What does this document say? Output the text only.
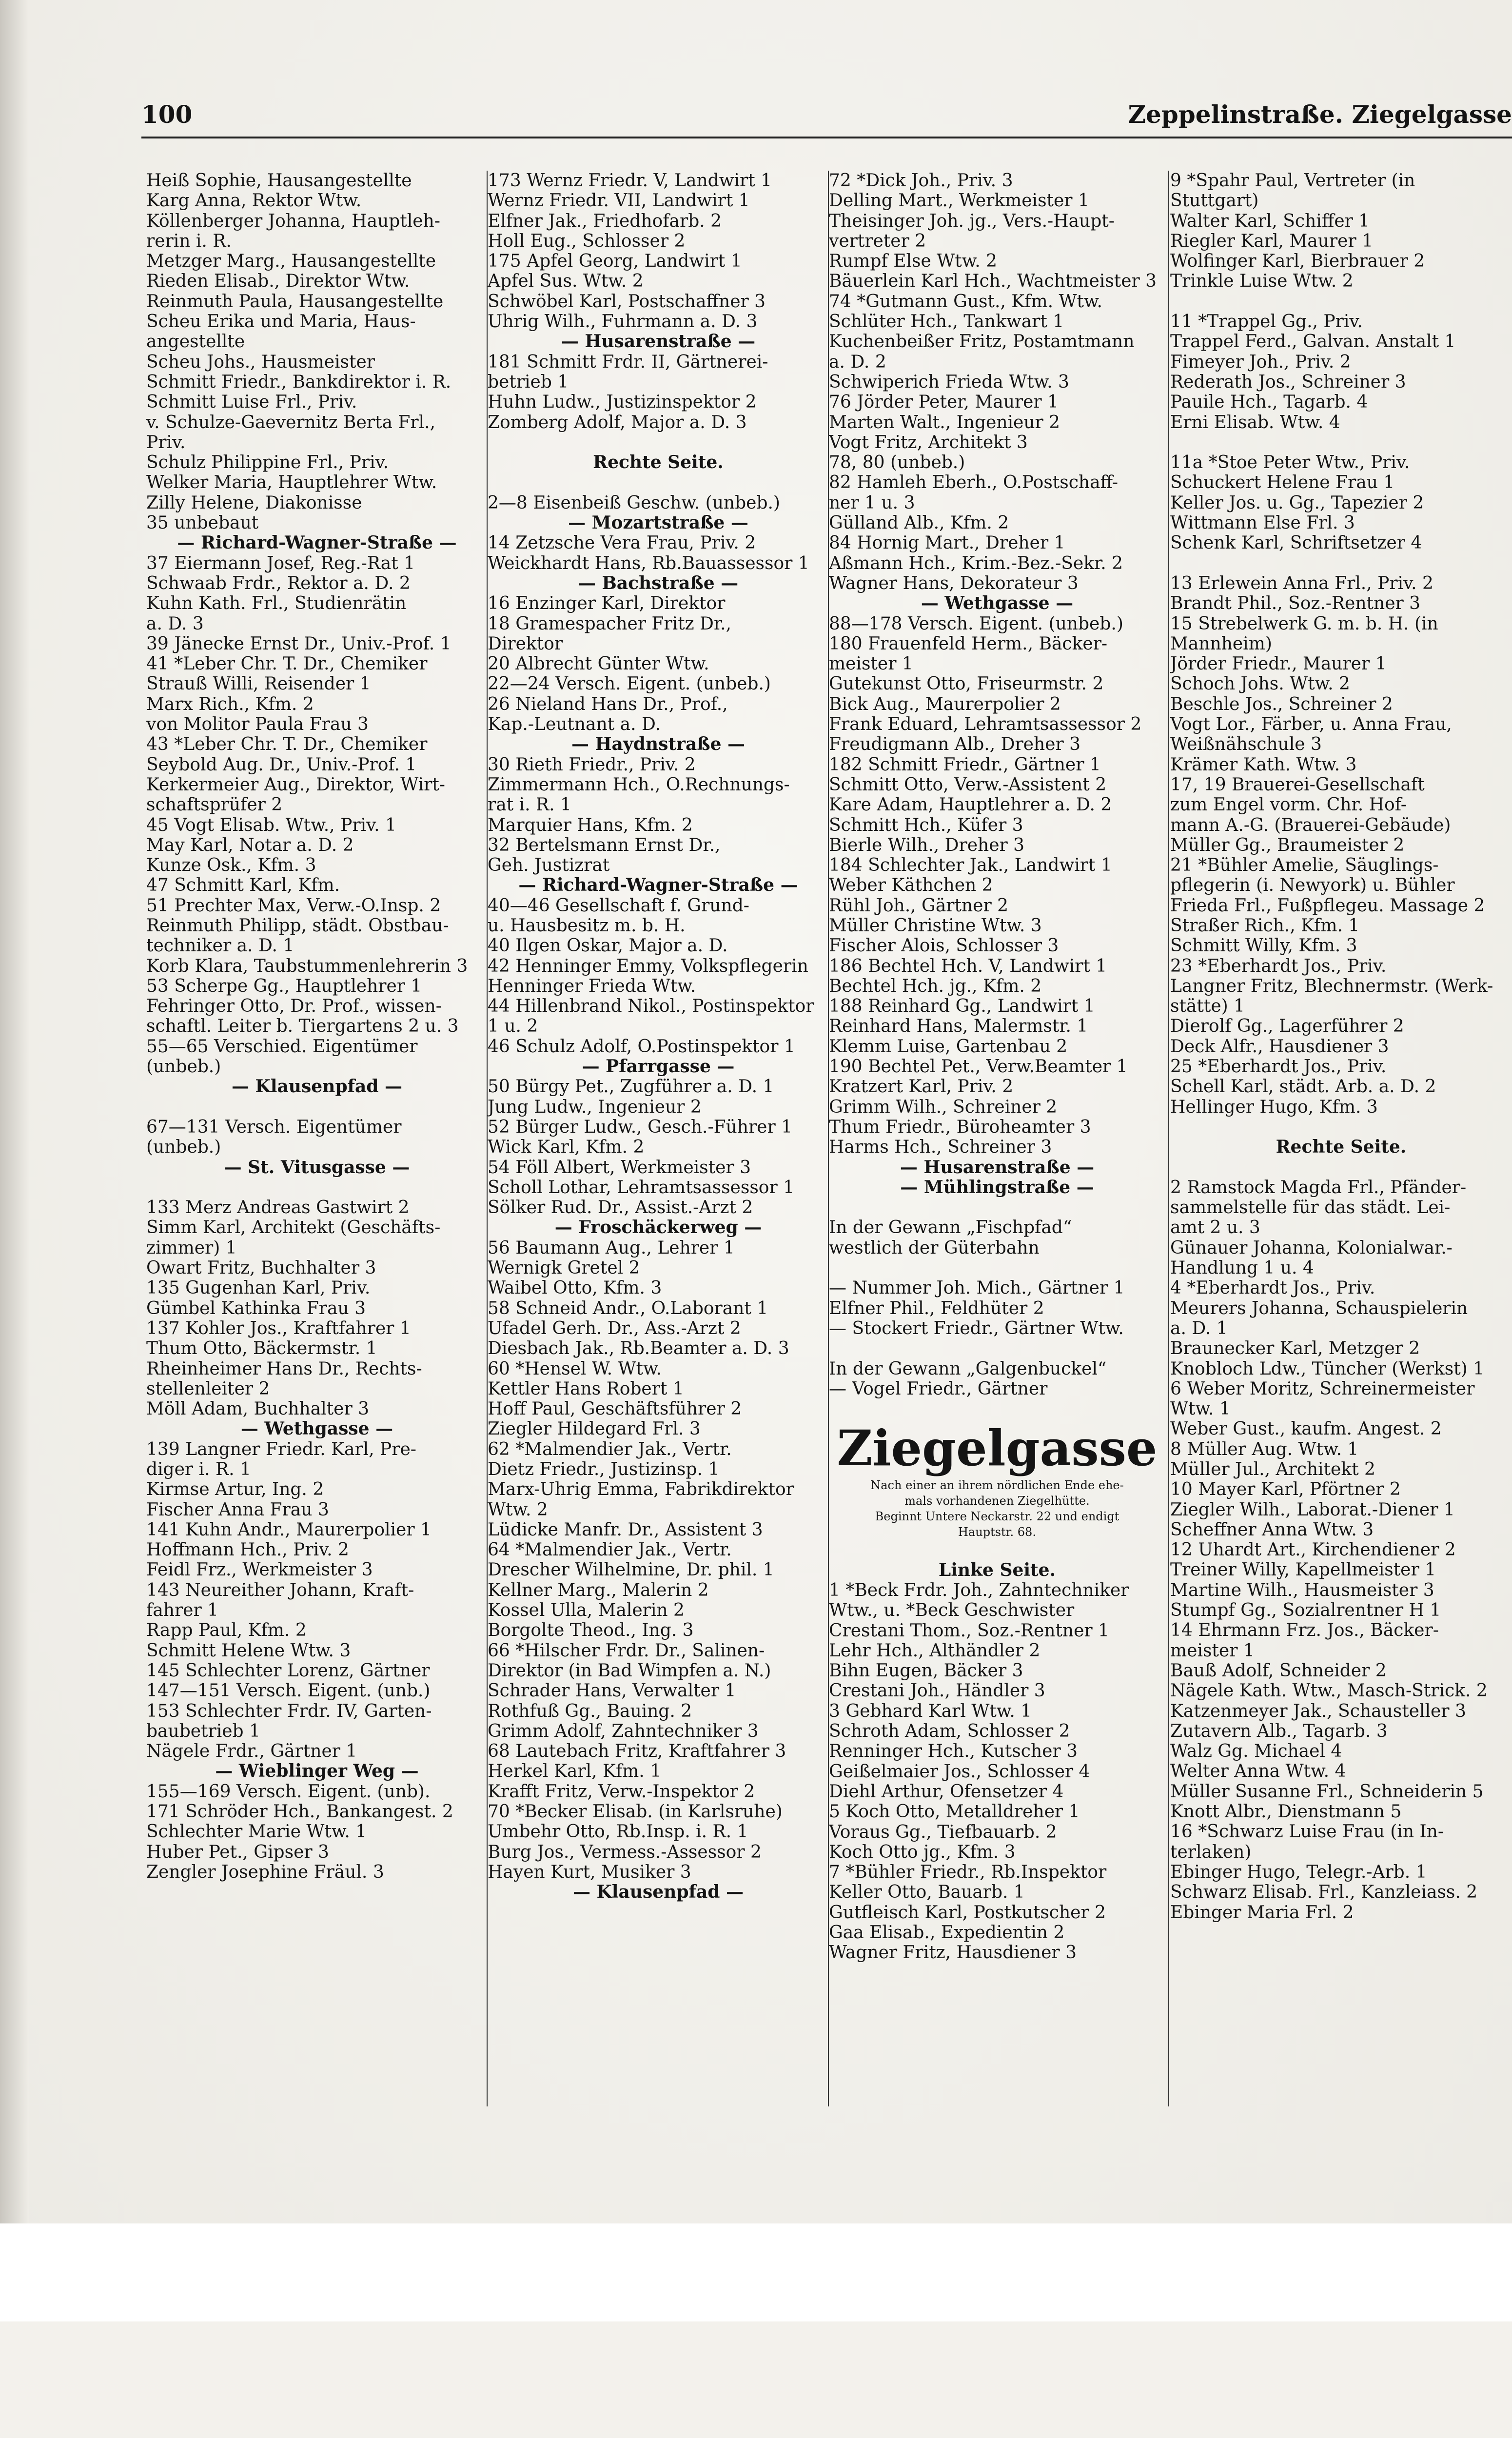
100	Zeppelinstraße. Ziegelgasse
Heiß Sophie, Hausangestellte
Karg Anna, Rektor Wtw.
Köllenberger Johanna, Hauptleh-
rerin i. R.
Metzger Marg., Hausangestellte
Rieden Elisab., Direktor Wtw.
Reinmuth Paula, Hausangestellte
Scheu Erika und Maria, Haus-
angestellte
Scheu Johs., Hausmeister
Schmitt Friedr., Bankdirektor i. R.
Schmitt Luise Frl., Priv.
v. Schulze-Gaevernitz Berta Frl.,
Priv.
Schulz Philippine Frl., Priv.
Welker Maria, Hauptlehrer Wtw.
Zilly Helene, Diakonisse
35 unbebaut
— Richard-Wagner-Straße —
37 Eiermann Josef, Reg.-Rat 1
Schwaab Frdr., Rektor a. D. 2
Kuhn Kath. Frl., Studienrätin
a. D. 3
39 Jänecke Ernst Dr., Univ.-Prof. 1
41 *Leber Chr. T. Dr., Chemiker
Strauß Willi, Reisender 1
Marx Rich., Kfm. 2
von Molitor Paula Frau 3
43 *Leber Chr. T. Dr., Chemiker
Seybold Aug. Dr., Univ.-Prof. 1
Kerkermeier Aug., Direktor, Wirt-
schaftsprüfer 2
45 Vogt Elisab. Wtw., Priv. 1
May Karl, Notar a. D. 2
Kunze Osk., Kfm. 3
47 Schmitt Karl, Kfm.
51 Prechter Max, Verw.-O.Insp. 2
Reinmuth Philipp, städt. Obstbau-
techniker a. D. 1
Korb Klara, Taubstummenlehrerin 3
53 Scherpe Gg., Hauptlehrer 1
Fehringer Otto, Dr. Prof., wissen-
schaftl. Leiter b. Tiergartens 2 u. 3
55—65 Verschied. Eigentümer
(unbeb.)
— Klausenpfad —
67—131 Versch. Eigentümer
(unbeb.)
— St. Vitusgasse —
133 Merz Andreas Gastwirt 2
Simm Karl, Architekt (Geschäfts-
zimmer) 1
Owart Fritz, Buchhalter 3
135 Gugenhan Karl, Priv.
Gümbel Kathinka Frau 3
137 Kohler Jos., Kraftfahrer 1
Thum Otto, Bäckermstr. 1
Rheinheimer Hans Dr., Rechts-
stellenleiter 2
Möll Adam, Buchhalter 3
— Wethgasse —
139 Langner Friedr. Karl, Pre-
diger i. R. 1
Kirmse Artur, Ing. 2
Fischer Anna Frau 3
141 Kuhn Andr., Maurerpolier 1
Hoffmann Hch., Priv. 2
Feidl Frz., Werkmeister 3
143 Neureither Johann, Kraft-
fahrer 1
Rapp Paul, Kfm. 2
Schmitt Helene Wtw. 3
145 Schlechter Lorenz, Gärtner
147—151 Versch. Eigent. (unb.)
153 Schlechter Frdr. IV, Garten-
baubetrieb 1
Nägele Frdr., Gärtner 1
— Wieblinger Weg —
155—169 Versch. Eigent. (unb).
171 Schröder Hch., Bankangest. 2
Schlechter Marie Wtw. 1
Huber Pet., Gipser 3
Zengler Josephine Fräul. 3
173 Wernz Friedr. V, Landwirt 1
Wernz Friedr. VII, Landwirt 1
Elfner Jak., Friedhofarb. 2
Holl Eug., Schlosser 2
175 Apfel Georg, Landwirt 1
Apfel Sus. Wtw. 2
Schwöbel Karl, Postschaffner 3
Uhrig Wilh., Fuhrmann a. D. 3
— Husarenstraße —
181 Schmitt Frdr. II, Gärtnerei-
betrieb 1
Huhn Ludw., Justizinspektor 2
Zomberg Adolf, Major a. D. 3
Rechte Seite.
2—8 Eisenbeiß Geschw. (unbeb.)
— Mozartstraße —
14 Zetzsche Vera Frau, Priv. 2
Weickhardt Hans, Rb.Bauassessor 1
— Bachstraße —
16 Enzinger Karl, Direktor
18 Gramespacher Fritz Dr.,
Direktor
20 Albrecht Günter Wtw.
22—24 Versch. Eigent. (unbeb.)
26 Nieland Hans Dr., Prof.,
Kap.-Leutnant a. D.
— Haydnstraße —
30 Rieth Friedr., Priv. 2
Zimmermann Hch., O.Rechnungs-
rat i. R. 1
Marquier Hans, Kfm. 2
32 Bertelsmann Ernst Dr.,
Geh. Justizrat
— Richard-Wagner-Straße —
40—46 Gesellschaft f. Grund-
u. Hausbesitz m. b. H.
40 Ilgen Oskar, Major a. D.
42 Henninger Emmy, Volkspflegerin
Henninger Frieda Wtw.
44 Hillenbrand Nikol., Postinspektor
1 u. 2
46 Schulz Adolf, O.Postinspektor 1
— Pfarrgasse —
50 Bürgy Pet., Zugführer a. D. 1
Jung Ludw., Ingenieur 2
52 Bürger Ludw., Gesch.-Führer 1
Wick Karl, Kfm. 2
54 Föll Albert, Werkmeister 3
Scholl Lothar, Lehramtsassessor 1
Sölker Rud. Dr., Assist.-Arzt 2
— Froschäckerweg —
56 Baumann Aug., Lehrer 1
Wernigk Gretel 2
Waibel Otto, Kfm. 3
58 Schneid Andr., O.Laborant 1
Ufadel Gerh. Dr., Ass.-Arzt 2
Diesbach Jak., Rb.Beamter a. D. 3
60 *Hensel W. Wtw.
Kettler Hans Robert 1
Hoff Paul, Geschäftsführer 2
Ziegler Hildegard Frl. 3
62 *Malmendier Jak., Vertr.
Dietz Friedr., Justizinsp. 1
Marx-Uhrig Emma, Fabrikdirektor
Wtw. 2
Lüdicke Manfr. Dr., Assistent 3
64 *Malmendier Jak., Vertr.
Drescher Wilhelmine, Dr. phil. 1
Kellner Marg., Malerin 2
Kossel Ulla, Malerin 2
Borgolte Theod., Ing. 3
66 *Hilscher Frdr. Dr., Salinen-
Direktor (in Bad Wimpfen a. N.)
Schrader Hans, Verwalter 1
Rothfuß Gg., Bauing. 2
Grimm Adolf, Zahntechniker 3
68 Lautebach Fritz, Kraftfahrer 3
Herkel Karl, Kfm. 1
Krafft Fritz, Verw.-Inspektor 2
70 *Becker Elisab. (in Karlsruhe)
Umbehr Otto, Rb.Insp. i. R. 1
Burg Jos., Vermess.-Assessor 2
Hayen Kurt, Musiker 3
— Klausenpfad —
72 *Dick Joh., Priv. 3
Delling Mart., Werkmeister 1
Theisinger Joh. jg., Vers.-Haupt-
vertreter 2
Rumpf Else Wtw. 2
Bäuerlein Karl Hch., Wachtmeister 3
74 *Gutmann Gust., Kfm. Wtw.
Schlüter Hch., Tankwart 1
Kuchenbeißer Fritz, Postamtmann
a. D. 2
Schwiperich Frieda Wtw. 3
76 Jörder Peter, Maurer 1
Marten Walt., Ingenieur 2
Vogt Fritz, Architekt 3
78, 80 (unbeb.)
82 Hamleh Eberh., O.Postschaff-
ner 1 u. 3
Gülland Alb., Kfm. 2
84 Hornig Mart., Dreher 1
Aßmann Hch., Krim.-Bez.-Sekr. 2
Wagner Hans, Dekorateur 3
— Wethgasse —
88—178 Versch. Eigent. (unbeb.)
180 Frauenfeld Herm., Bäcker-
meister 1
Gutekunst Otto, Friseurmstr. 2
Bick Aug., Maurerpolier 2
Frank Eduard, Lehramtsassessor 2
Freudigmann Alb., Dreher 3
182 Schmitt Friedr., Gärtner 1
Schmitt Otto, Verw.-Assistent 2
Kare Adam, Hauptlehrer a. D. 2
Schmitt Hch., Küfer 3
Bierle Wilh., Dreher 3
184 Schlechter Jak., Landwirt 1
Weber Käthchen 2
Rühl Joh., Gärtner 2
Müller Christine Wtw. 3
Fischer Alois, Schlosser 3
186 Bechtel Hch. V, Landwirt 1
Bechtel Hch. jg., Kfm. 2
188 Reinhard Gg., Landwirt 1
Reinhard Hans, Malermstr. 1
Klemm Luise, Gartenbau 2
190 Bechtel Pet., Verw.Beamter 1
Kratzert Karl, Priv. 2
Grimm Wilh., Schreiner 2
Thum Friedr., Büroheamter 3
Harms Hch., Schreiner 3
— Husarenstraße —
— Mühlingstraße —
In der Gewann „Fischpfad“
westlich der Güterbahn
— Nummer Joh. Mich., Gärtner 1
Elfner Phil., Feldhüter 2
— Stockert Friedr., Gärtner Wtw.
In der Gewann „Galgenbuckel“
— Vogel Friedr., Gärtner
Ziegelgasse
Nach einer an ihrem nördlichen Ende ehe-
mals vorhandenen Ziegelhütte.
Beginnt Untere Neckarstr. 22 und endigt
Hauptstr. 68.
Linke Seite.
1 *Beck Frdr. Joh., Zahntechniker
Wtw., u. *Beck Geschwister
Crestani Thom., Soz.-Rentner 1
Lehr Hch., Althändler 2
Bihn Eugen, Bäcker 3
Crestani Joh., Händler 3
3 Gebhard Karl Wtw. 1
Schroth Adam, Schlosser 2
Renninger Hch., Kutscher 3
Geißelmaier Jos., Schlosser 4
Diehl Arthur, Ofensetzer 4
5 Koch Otto, Metalldreher 1
Voraus Gg., Tiefbauarb. 2
Koch Otto jg., Kfm. 3
7 *Bühler Friedr., Rb.Inspektor
Keller Otto, Bauarb. 1
Gutfleisch Karl, Postkutscher 2
Gaa Elisab., Expedientin 2
Wagner Fritz, Hausdiener 3
9 *Spahr Paul, Vertreter (in
Stuttgart)
Walter Karl, Schiffer 1
Riegler Karl, Maurer 1
Wolfinger Karl, Bierbrauer 2
Trinkle Luise Wtw. 2
11 *Trappel Gg., Priv.
Trappel Ferd., Galvan. Anstalt 1
Fimeyer Joh., Priv. 2
Rederath Jos., Schreiner 3
Pauile Hch., Tagarb. 4
Erni Elisab. Wtw. 4
11a *Stoe Peter Wtw., Priv.
Schuckert Helene Frau 1
Keller Jos. u. Gg., Tapezier 2
Wittmann Else Frl. 3
Schenk Karl, Schriftsetzer 4
13 Erlewein Anna Frl., Priv. 2
Brandt Phil., Soz.-Rentner 3
15 Strebelwerk G. m. b. H. (in
Mannheim)
Jörder Friedr., Maurer 1
Schoch Johs. Wtw. 2
Beschle Jos., Schreiner 2
Vogt Lor., Färber, u. Anna Frau,
Weißnähschule 3
Krämer Kath. Wtw. 3
17, 19 Brauerei-Gesellschaft
zum Engel vorm. Chr. Hof-
mann A.-G. (Brauerei-Gebäude)
Müller Gg., Braumeister 2
21 *Bühler Amelie, Säuglings-
pflegerin (i. Newyork) u. Bühler
Frieda Frl., Fußpflegeu. Massage 2
Straßer Rich., Kfm. 1
Schmitt Willy, Kfm. 3
23 *Eberhardt Jos., Priv.
Langner Fritz, Blechnermstr. (Werk-
stätte) 1
Dierolf Gg., Lagerführer 2
Deck Alfr., Hausdiener 3
25 *Eberhardt Jos., Priv.
Schell Karl, städt. Arb. a. D. 2
Hellinger Hugo, Kfm. 3
Rechte Seite.
2 Ramstock Magda Frl., Pfänder-
sammelstelle für das städt. Lei-
amt 2 u. 3
Günauer Johanna, Kolonialwar.-
Handlung 1 u. 4
4 *Eberhardt Jos., Priv.
Meurers Johanna, Schauspielerin
a. D. 1
Braunecker Karl, Metzger 2
Knobloch Ldw., Tüncher (Werkst) 1
6 Weber Moritz, Schreinermeister
Wtw. 1
Weber Gust., kaufm. Angest. 2
8 Müller Aug. Wtw. 1
Müller Jul., Architekt 2
10 Mayer Karl, Pförtner 2
Ziegler Wilh., Laborat.-Diener 1
Scheffner Anna Wtw. 3
12 Uhardt Art., Kirchendiener 2
Treiner Willy, Kapellmeister 1
Martine Wilh., Hausmeister 3
Stumpf Gg., Sozialrentner H 1
14 Ehrmann Frz. Jos., Bäcker-
meister 1
Bauß Adolf, Schneider 2
Nägele Kath. Wtw., Masch-Strick. 2
Katzenmeyer Jak., Schausteller 3
Zutavern Alb., Tagarb. 3
Walz Gg. Michael 4
Welter Anna Wtw. 4
Müller Susanne Frl., Schneiderin 5
Knott Albr., Dienstmann 5
16 *Schwarz Luise Frau (in In-
terlaken)
Ebinger Hugo, Telegr.-Arb. 1
Schwarz Elisab. Frl., Kanzleiass. 2
Ebinger Maria Frl. 2
